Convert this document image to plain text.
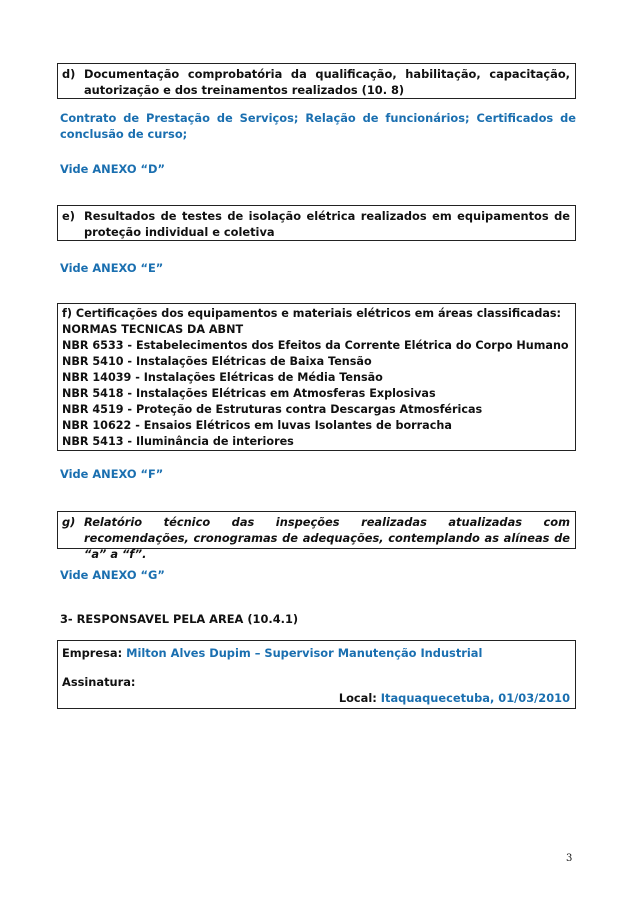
d) Documentação comprobatória da qualificação, habilitação, capacitação, autorização e dos treinamentos realizados (10. 8)
Contrato de Prestação de Serviços; Relação de funcionários; Certificados de conclusão de curso;
Vide ANEXO “D”
e) Resultados de testes de isolação elétrica realizados em equipamentos de proteção individual e coletiva
Vide ANEXO “E”
f) Certificações dos equipamentos e materiais elétricos em áreas classificadas:
NORMAS TECNICAS DA ABNT
NBR 6533 - Estabelecimentos dos Efeitos da Corrente Elétrica do Corpo Humano
NBR 5410 - Instalações Elétricas de Baixa Tensão
NBR 14039 - Instalações Elétricas de Média Tensão
NBR 5418 - Instalações Elétricas em Atmosferas Explosivas
NBR 4519 - Proteção de Estruturas contra Descargas Atmosféricas
NBR 10622 - Ensaios Elétricos em luvas Isolantes de borracha
NBR 5413 - Iluminância de interiores
Vide ANEXO “F”
g) Relatório técnico das inspeções realizadas atualizadas com recomendações, cronogramas de adequações, contemplando as alíneas de “a” a “f”.
Vide ANEXO “G”
3- RESPONSAVEL PELA AREA (10.4.1)
Empresa: Milton Alves Dupim – Supervisor Manutenção Industrial
Assinatura:
Local:
Itaquaquecetuba, 01/03/2010
3
